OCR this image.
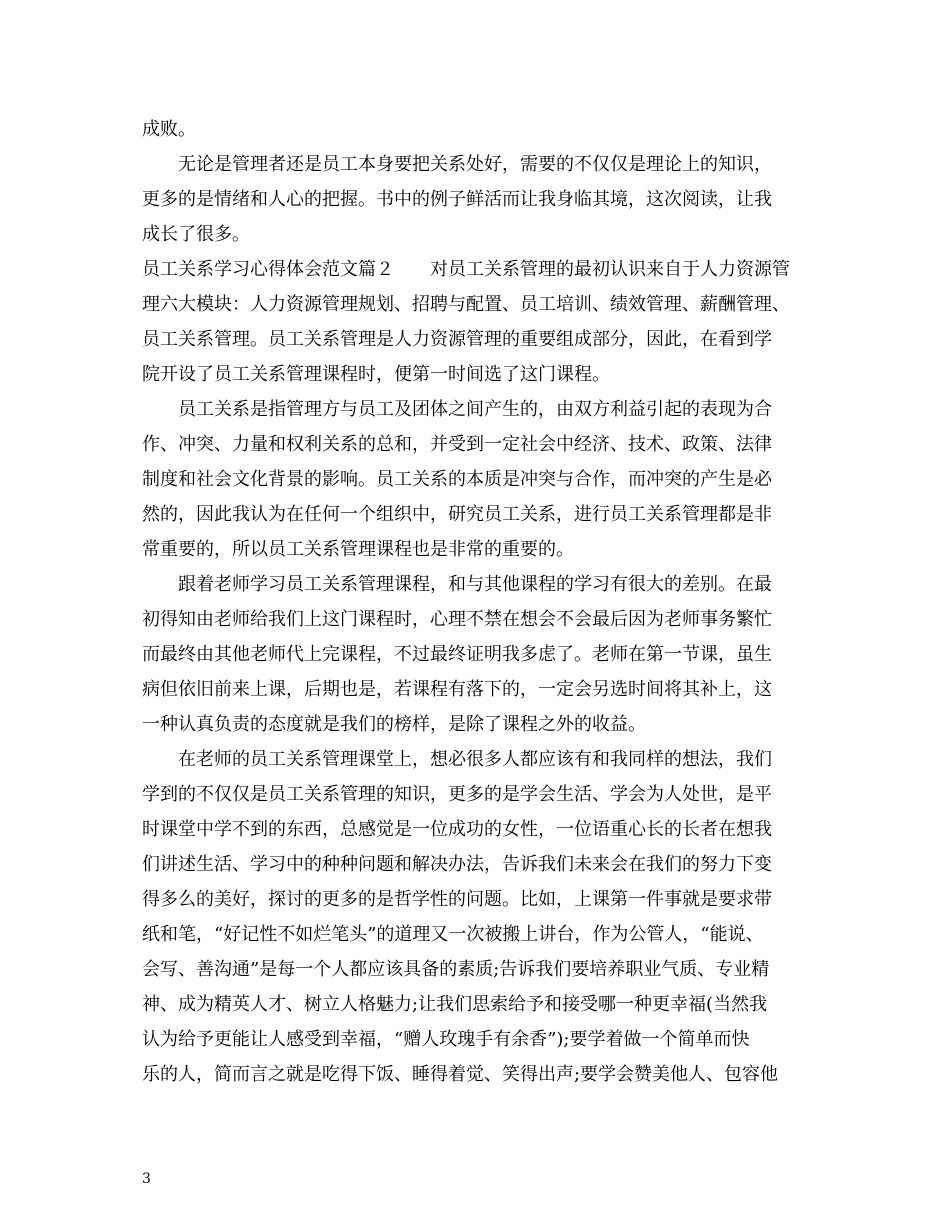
成败。
无论是管理者还是员工本身要把关系处好，需要的不仅仅是理论上的知识，
更多的是情绪和人心的把握。书中的例子鲜活而让我身临其境，这次阅读，让我
成长了很多。
员工关系学习心得体会范文篇２　　对员工关系管理的最初认识来自于人力资源管
理六大模块：人力资源管理规划、招聘与配置、员工培训、绩效管理、薪酬管理、
员工关系管理。员工关系管理是人力资源管理的重要组成部分，因此，在看到学
院开设了员工关系管理课程时，便第一时间选了这门课程。
员工关系是指管理方与员工及团体之间产生的，由双方利益引起的表现为合
作、冲突、力量和权利关系的总和，并受到一定社会中经济、技术、政策、法律
制度和社会文化背景的影响。员工关系的本质是冲突与合作，而冲突的产生是必
然的，因此我认为在任何一个组织中，研究员工关系，进行员工关系管理都是非
常重要的，所以员工关系管理课程也是非常的重要的。
跟着老师学习员工关系管理课程，和与其他课程的学习有很大的差别。在最
初得知由老师给我们上这门课程时，心理不禁在想会不会最后因为老师事务繁忙
而最终由其他老师代上完课程，不过最终证明我多虑了。老师在第一节课，虽生
病但依旧前来上课，后期也是，若课程有落下的，一定会另选时间将其补上，这
一种认真负责的态度就是我们的榜样，是除了课程之外的收益。
在老师的员工关系管理课堂上，想必很多人都应该有和我同样的想法，我们
学到的不仅仅是员工关系管理的知识，更多的是学会生活、学会为人处世，是平
时课堂中学不到的东西，总感觉是一位成功的女性，一位语重心长的长者在想我
们讲述生活、学习中的种种问题和解决办法，告诉我们未来会在我们的努力下变
得多么的美好，探讨的更多的是哲学性的问题。比如，上课第一件事就是要求带
纸和笔，“好记性不如烂笔头”的道理又一次被搬上讲台，作为公管人，“能说、
会写、善沟通”是每一个人都应该具备的素质;告诉我们要培养职业气质、专业精
神、成为精英人才、树立人格魅力;让我们思索给予和接受哪一种更幸福(当然我
认为给予更能让人感受到幸福，“赠人玫瑰手有余香”);要学着做一个简单而快
乐的人，简而言之就是吃得下饭、睡得着觉、笑得出声;要学会赞美他人、包容他
3
